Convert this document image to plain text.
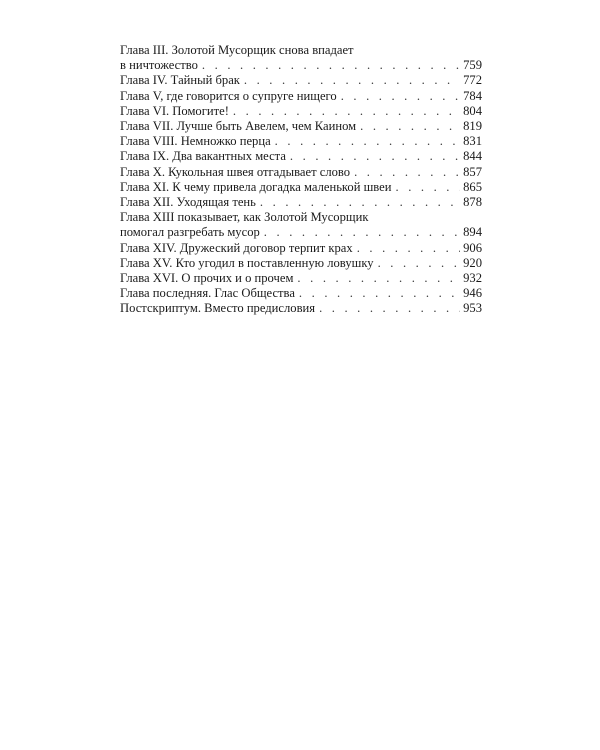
Глава III. Золотой Мусорщик снова впадает
в ничтожество . . .	759
Глава IV. Тайный брак . . .	772
Глава V, где говорится о супруге нищего . . .	784
Глава VI. Помогите! . . .	804
Глава VII. Лучше быть Авелем, чем Каином . . .	819
Глава VIII. Немножко перца . . .	831
Глава IX. Два вакантных места . . .	844
Глава X. Кукольная швея отгадывает слово . . .	857
Глава XI. К чему привела догадка маленькой швеи . . .	865
Глава XII. Уходящая тень . . .	878
Глава XIII показывает, как Золотой Мусорщик
помогал разгребать мусор . . .	894
Глава XIV. Дружеский договор терпит крах . . .	906
Глава XV. Кто угодил в поставленную ловушку . . .	920
Глава XVI. О прочих и о прочем . . .	932
Глава последняя. Глас Общества . . .	946
Постскриптум. Вместо предисловия . . .	953
